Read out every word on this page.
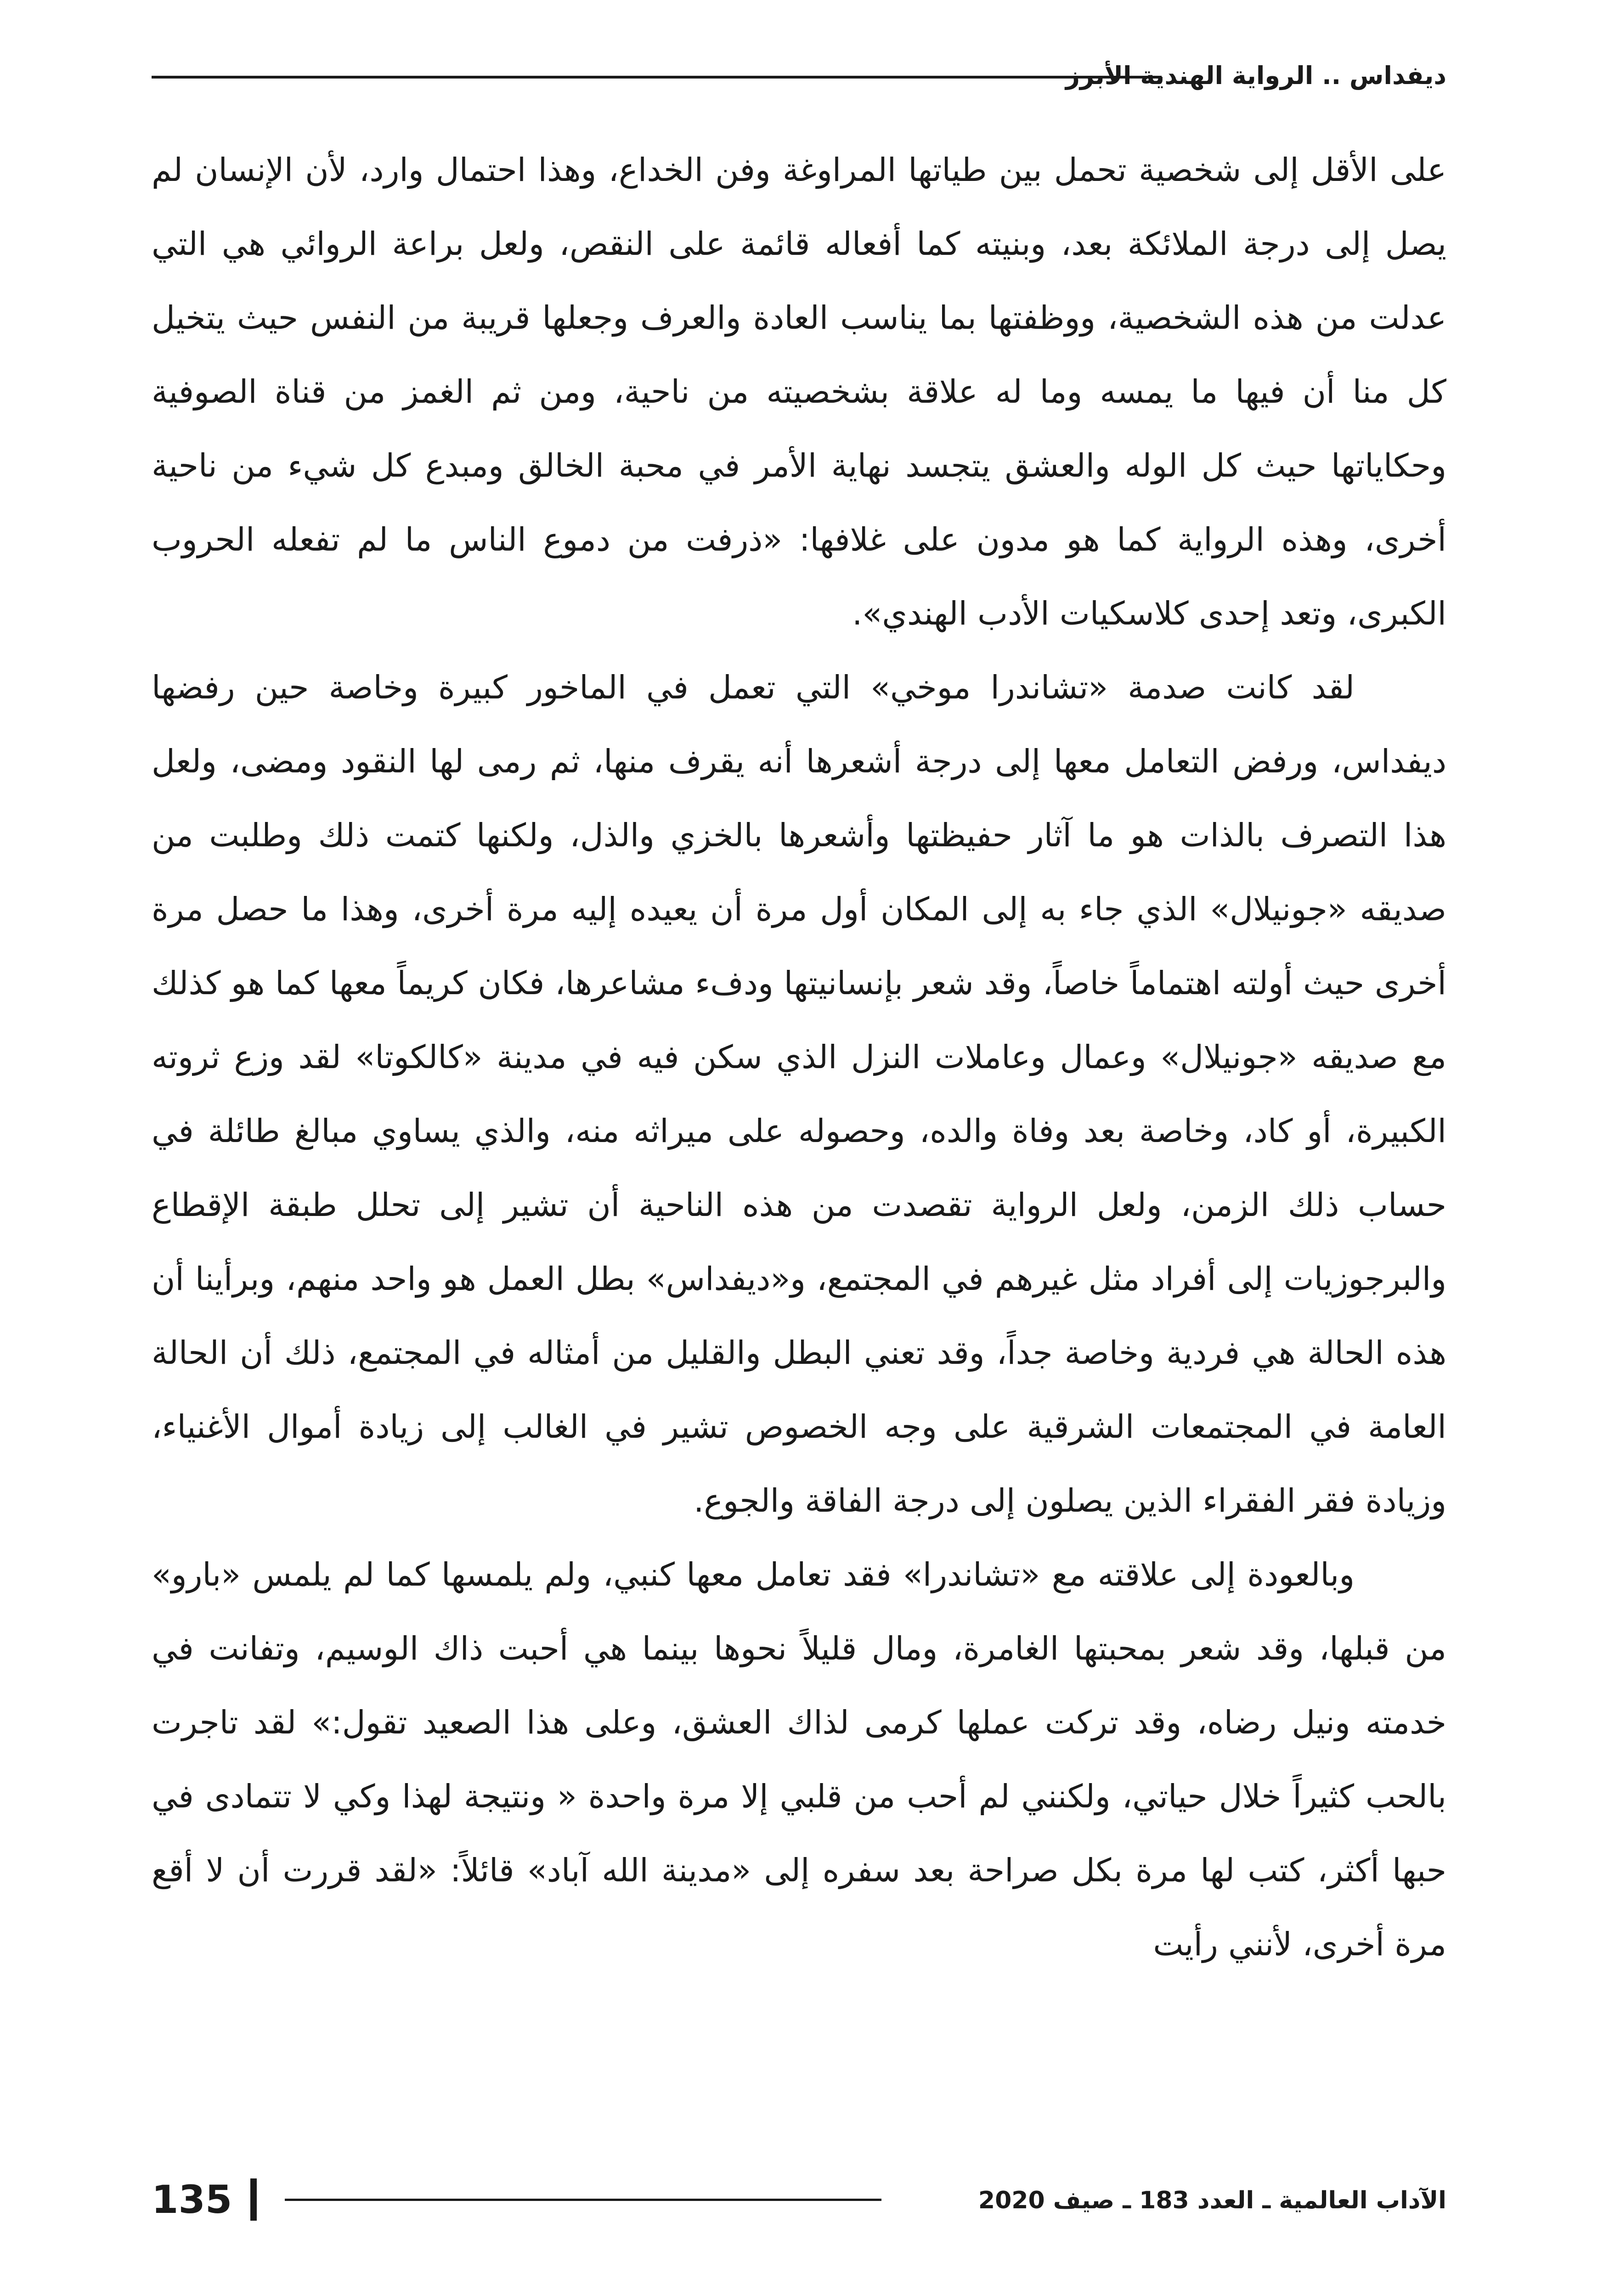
ديفداس .. الرواية الهندية الأبرز

على الأقل إلى شخصية تحمل بين طياتها المراوغة وفن الخداع، وهذا احتمال وارد، لأن الإنسان لم يصل إلى درجة الملائكة بعد، وبنيته كما أفعاله قائمة على النقص، ولعل براعة الروائي هي التي عدلت من هذه الشخصية، ووظفتها بما يناسب العادة والعرف وجعلها قريبة من النفس حيث يتخيل كل منا أن فيها ما يمسه وما له علاقة بشخصيته من ناحية، ومن ثم الغمز من قناة الصوفية وحكاياتها حيث كل الوله والعشق يتجسد نهاية الأمر في محبة الخالق ومبدع كل شيء من ناحية أخرى، وهذه الرواية كما هو مدون على غلافها: «ذرفت من دموع الناس ما لم تفعله الحروب الكبرى، وتعد إحدى كلاسكيات الأدب الهندي».

لقد كانت صدمة «تشاندرا موخي» التي تعمل في الماخور كبيرة وخاصة حين رفضها ديفداس، ورفض التعامل معها إلى درجة أشعرها أنه يقرف منها، ثم رمى لها النقود ومضى، ولعل هذا التصرف بالذات هو ما آثار حفيظتها وأشعرها بالخزي والذل، ولكنها كتمت ذلك وطلبت من صديقه «جونيلال» الذي جاء به إلى المكان أول مرة أن يعيده إليه مرة أخرى، وهذا ما حصل مرة أخرى حيث أولته اهتماماً خاصاً، وقد شعر بإنسانيتها ودفء مشاعرها، فكان كريماً معها كما هو كذلك مع صديقه «جونيلال» وعمال وعاملات النزل الذي سكن فيه في مدينة «كالكوتا» لقد وزع ثروته الكبيرة، أو كاد، وخاصة بعد وفاة والده، وحصوله على ميراثه منه، والذي يساوي مبالغ طائلة في حساب ذلك الزمن، ولعل الرواية تقصدت من هذه الناحية أن تشير إلى تحلل طبقة الإقطاع والبرجوزيات إلى أفراد مثل غيرهم في المجتمع، و«ديفداس» بطل العمل هو واحد منهم، وبرأينا أن هذه الحالة هي فردية وخاصة جداً، وقد تعني البطل والقليل من أمثاله في المجتمع، ذلك أن الحالة العامة في المجتمعات الشرقية على وجه الخصوص تشير في الغالب إلى زيادة أموال الأغنياء، وزيادة فقر الفقراء الذين يصلون إلى درجة الفاقة والجوع.

وبالعودة إلى علاقته مع «تشاندرا» فقد تعامل معها كنبي، ولم يلمسها كما لم يلمس «بارو» من قبلها، وقد شعر بمحبتها الغامرة، ومال قليلاً نحوها بينما هي أحبت ذاك الوسيم، وتفانت في خدمته ونيل رضاه، وقد تركت عملها كرمى لذاك العشق، وعلى هذا الصعيد تقول:» لقد تاجرت بالحب كثيراً خلال حياتي، ولكنني لم أحب من قلبي إلا مرة واحدة « ونتيجة لهذا وكي لا تتمادى في حبها أكثر، كتب لها مرة بكل صراحة بعد سفره إلى «مدينة الله آباد» قائلاً: «لقد قررت أن لا أقع مرة أخرى، لأنني رأيت

135	الآداب العالمية ـ العدد 183 ـ صيف 2020
